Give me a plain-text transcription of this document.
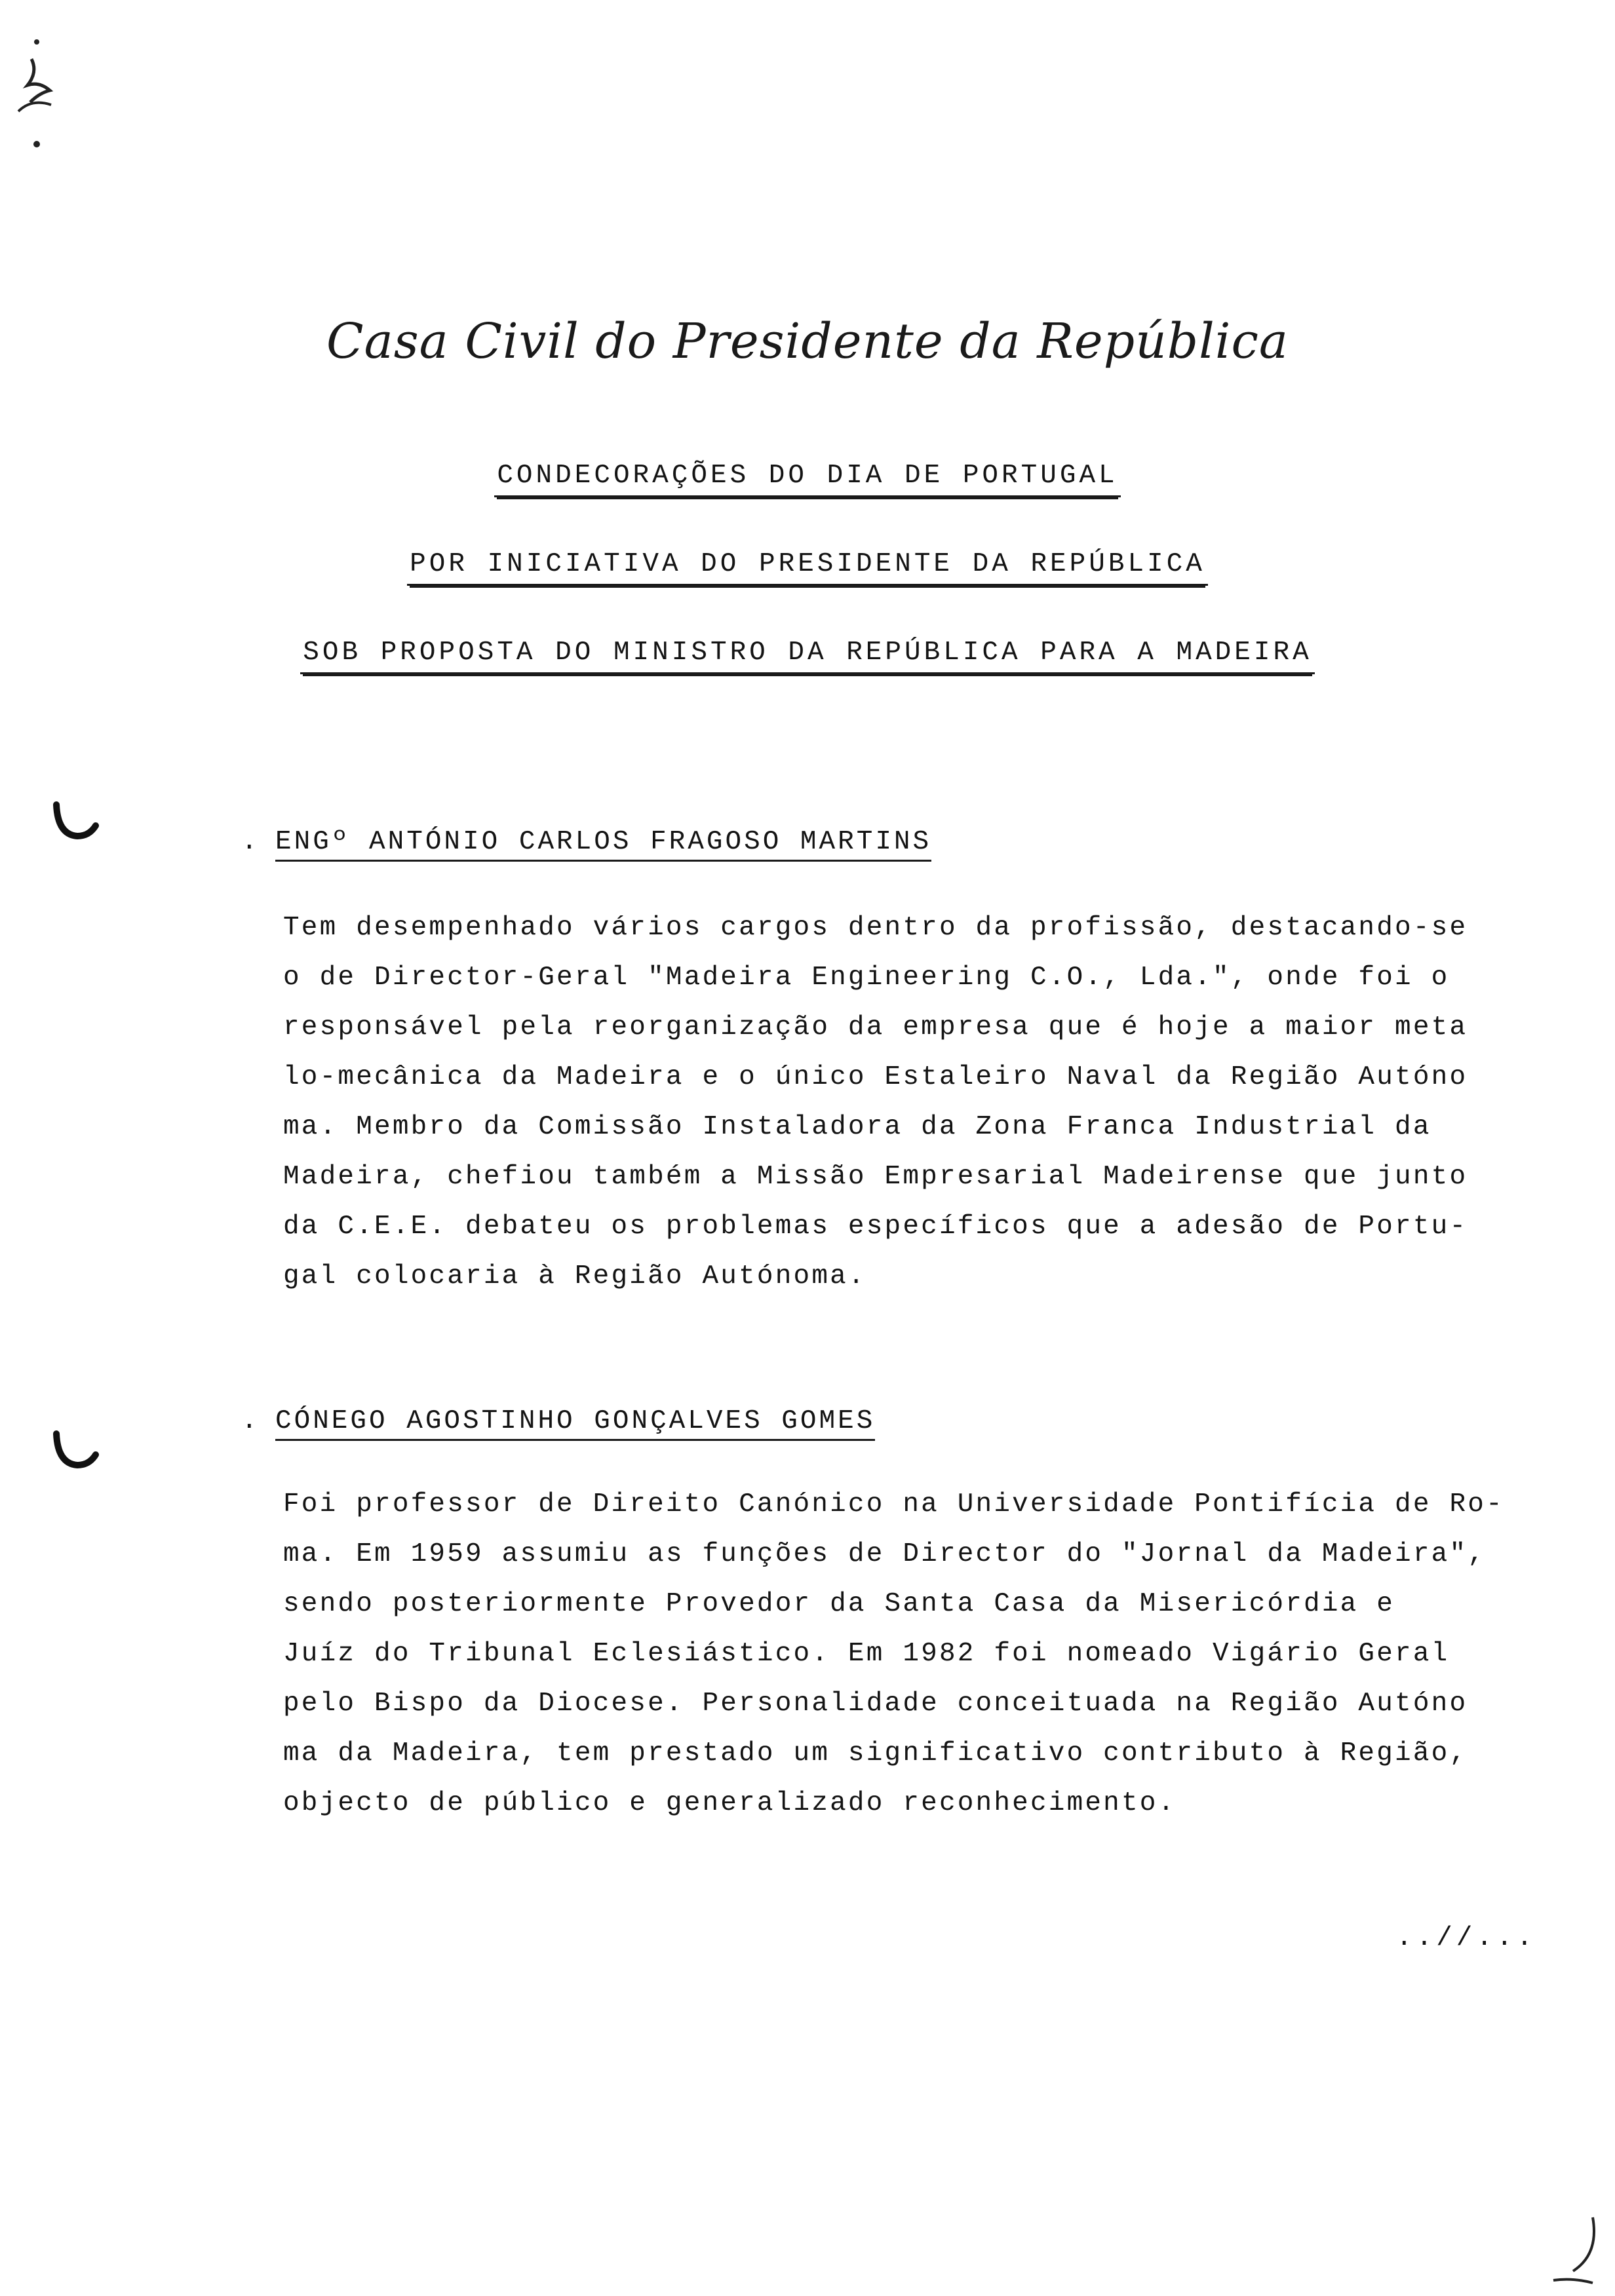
Casa Civil do Presidente da República
CONDECORAÇÕES DO DIA DE PORTUGAL
POR INICIATIVA DO PRESIDENTE DA REPÚBLICA
SOB PROPOSTA DO MINISTRO DA REPÚBLICA PARA A MADEIRA
. ENGº ANTÓNIO CARLOS FRAGOSO MARTINS
Tem desempenhado vários cargos dentro da profissão, destacando-se
o de Director-Geral "Madeira Engineering C.O., Lda.", onde foi o
responsável pela reorganização da empresa que é hoje a maior meta
lo-mecânica da Madeira e o único Estaleiro Naval da Região Autóno
ma. Membro da Comissão Instaladora da Zona Franca Industrial da
Madeira, chefiou também a Missão Empresarial Madeirense que junto
da C.E.E. debateu os problemas específicos que a adesão de Portu-
gal colocaria à Região Autónoma.
. CÓNEGO AGOSTINHO GONÇALVES GOMES
Foi professor de Direito Canónico na Universidade Pontifícia de Ro-
ma. Em 1959 assumiu as funções de Director do "Jornal da Madeira",
sendo posteriormente Provedor da Santa Casa da Misericórdia e
Juíz do Tribunal Eclesiástico. Em 1982 foi nomeado Vigário Geral
pelo Bispo da Diocese. Personalidade conceituada na Região Autóno
ma da Madeira, tem prestado um significativo contributo à Região,
objecto de público e generalizado reconhecimento.
..//...
